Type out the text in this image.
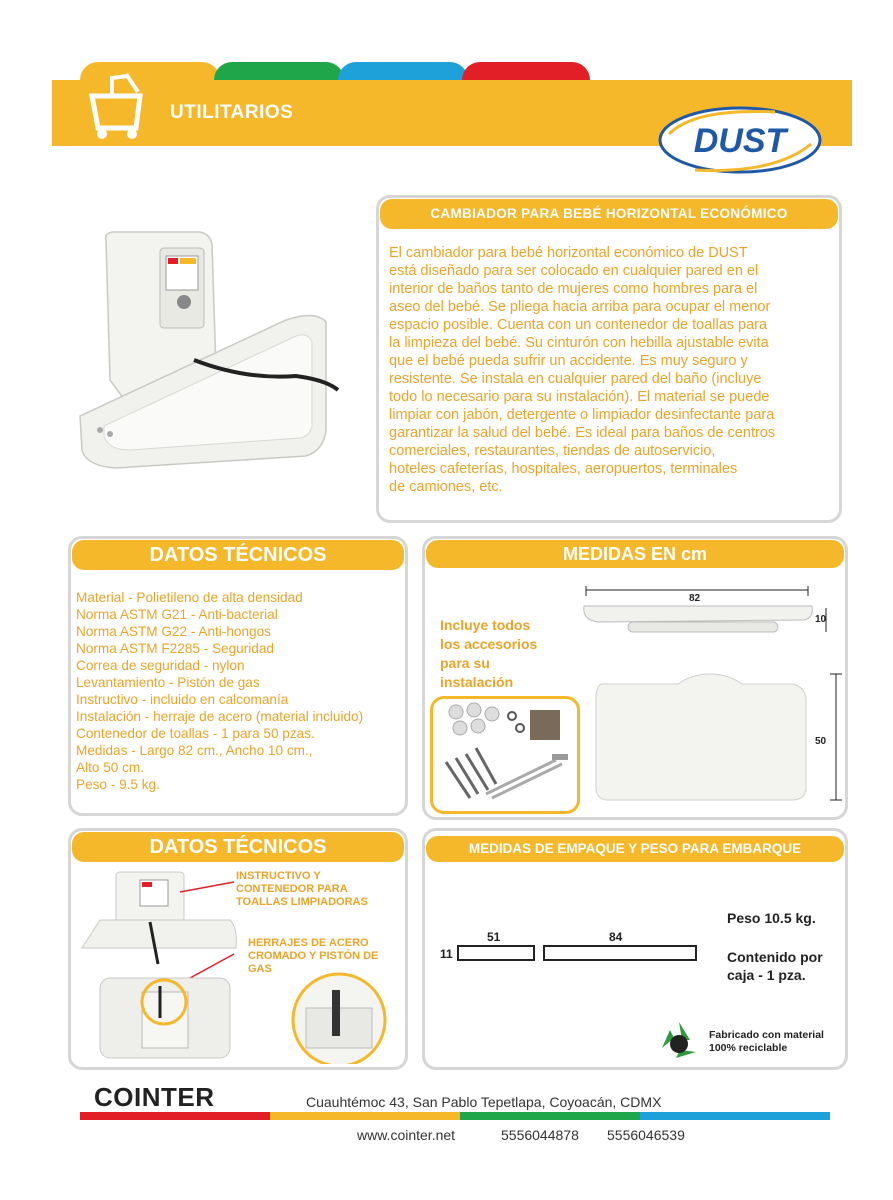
UTILITARIOS
DUST
CAMBIADOR PARA BEBÉ HORIZONTAL ECONÓMICO
El cambiador para bebé horizontal económico de DUST
está diseñado para ser colocado en cualquier pared en el
interior de baños tanto de mujeres como hombres para el
aseo del bebé. Se pliega hacia arriba para ocupar el menor
espacio posible. Cuenta con un contenedor de toallas para
la limpieza del bebé. Su cinturón con hebilla ajustable evita
que el bebé pueda sufrir un accidente. Es muy seguro y
resistente. Se instala en cualquier pared del baño (incluye
todo lo necesario para su instalación). El material se puede
limpiar con jabón, detergente o limpiador desinfectante para
garantizar la salud del bebé. Es ideal para baños de centros
comerciales, restaurantes, tiendas de autoservicio,
hoteles cafeterías, hospitales, aeropuertos, terminales
de camiones, etc.
DATOS TÉCNICOS
Material - Polietileno de alta densidad
Norma ASTM G21 - Anti-bacterial
Norma ASTM G22 - Anti-hongos
Norma ASTM F2285 - Seguridad
Correa de seguridad - nylon
Levantamiento - Pistón de gas
Instructivo - incluido en calcomanía
Instalación - herraje de acero (material incluido)
Contenedor de toallas - 1 para 50 pzas.
Medidas - Largo 82 cm., Ancho 10 cm.,
Alto 50 cm.
Peso - 9.5 kg.
MEDIDAS EN cm
Incluye todos
los accesorios
para su
instalación
82
10
50
DATOS TÉCNICOS
INSTRUCTIVO Y
CONTENEDOR PARA
TOALLAS LIMPIADORAS
HERRAJES DE ACERO
CROMADO Y PISTÓN DE
GAS
MEDIDAS DE EMPAQUE Y PESO PARA EMBARQUE
51	84
11
Peso 10.5 kg.
Contenido por
caja - 1 pza.
Fabricado con material
100% reciclable
COINTER	Cuauhtémoc 43, San Pablo Tepetlapa, Coyoacán, CDMX
www.cointer.net	5556044878 5556046539
